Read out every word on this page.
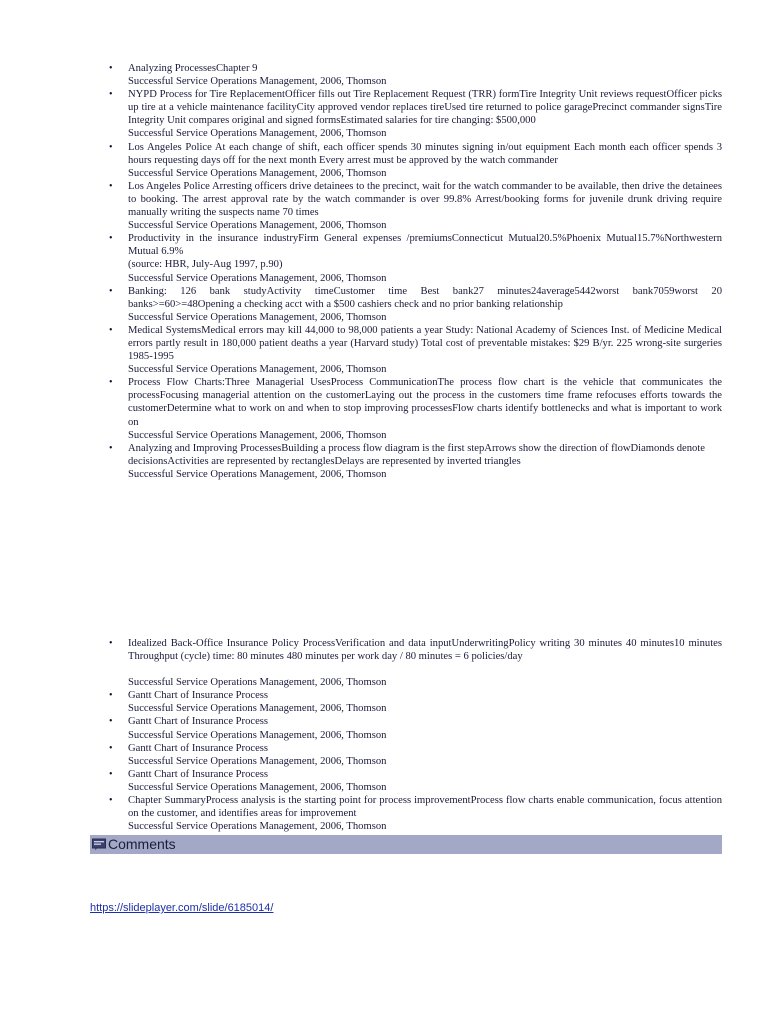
• Analyzing ProcessesChapter 9
Successful Service Operations Management, 2006, Thomson
• NYPD Process for Tire ReplacementOfficer fills out Tire Replacement Request (TRR) formTire Integrity Unit reviews requestOfficer picks up tire at a vehicle maintenance facilityCity approved vendor replaces tireUsed tire returned to police garagePrecinct commander signsTire Integrity Unit compares original and signed formsEstimated salaries for tire changing: $500,000
Successful Service Operations Management, 2006, Thomson
• Los Angeles Police At each change of shift, each officer spends 30 minutes signing in/out equipment Each month each officer spends 3 hours requesting days off for the next month Every arrest must be approved by the watch commander
Successful Service Operations Management, 2006, Thomson
• Los Angeles Police Arresting officers drive detainees to the precinct, wait for the watch commander to be available, then drive the detainees to booking. The arrest approval rate by the watch commander is over 99.8% Arrest/booking forms for juvenile drunk driving require manually writing the suspects name 70 times
Successful Service Operations Management, 2006, Thomson
• Productivity in the insurance industryFirm General expenses /premiumsConnecticut Mutual20.5%Phoenix Mutual15.7%Northwestern Mutual 6.9%
(source: HBR, July-Aug 1997, p.90)
Successful Service Operations Management, 2006, Thomson
• Banking: 126 bank studyActivity timeCustomer time Best bank27 minutes24average5442worst bank7059worst 20 banks>=60>=48Opening a checking acct with a $500 cashiers check and no prior banking relationship
Successful Service Operations Management, 2006, Thomson
• Medical SystemsMedical errors may kill 44,000 to 98,000 patients a year Study: National Academy of Sciences Inst. of Medicine Medical errors partly result in 180,000 patient deaths a year (Harvard study) Total cost of preventable mistakes: $29 B/yr. 225 wrong-site surgeries 1985-1995
Successful Service Operations Management, 2006, Thomson
• Process Flow Charts:Three Managerial UsesProcess CommunicationThe process flow chart is the vehicle that communicates the processFocusing managerial attention on the customerLaying out the process in the customers time frame refocuses efforts towards the customerDetermine what to work on and when to stop improving processesFlow charts identify bottlenecks and what is important to work on
Successful Service Operations Management, 2006, Thomson
• Analyzing and Improving ProcessesBuilding a process flow diagram is the first stepArrows show the direction of flowDiamonds denote decisionsActivities are represented by rectanglesDelays are represented by inverted triangles
Successful Service Operations Management, 2006, Thomson
• Idealized Back-Office Insurance Policy ProcessVerification and data inputUnderwritingPolicy writing 30 minutes 40 minutes10 minutes Throughput (cycle) time: 80 minutes 480 minutes per work day / 80 minutes = 6 policies/day
Successful Service Operations Management, 2006, Thomson
• Gantt Chart of Insurance Process
Successful Service Operations Management, 2006, Thomson
• Gantt Chart of Insurance Process
Successful Service Operations Management, 2006, Thomson
• Gantt Chart of Insurance Process
Successful Service Operations Management, 2006, Thomson
• Gantt Chart of Insurance Process
Successful Service Operations Management, 2006, Thomson
• Chapter SummaryProcess analysis is the starting point for process improvementProcess flow charts enable communication, focus attention on the customer, and identifies areas for improvement
Successful Service Operations Management, 2006, Thomson
Comments
https://slideplayer.com/slide/6185014/
